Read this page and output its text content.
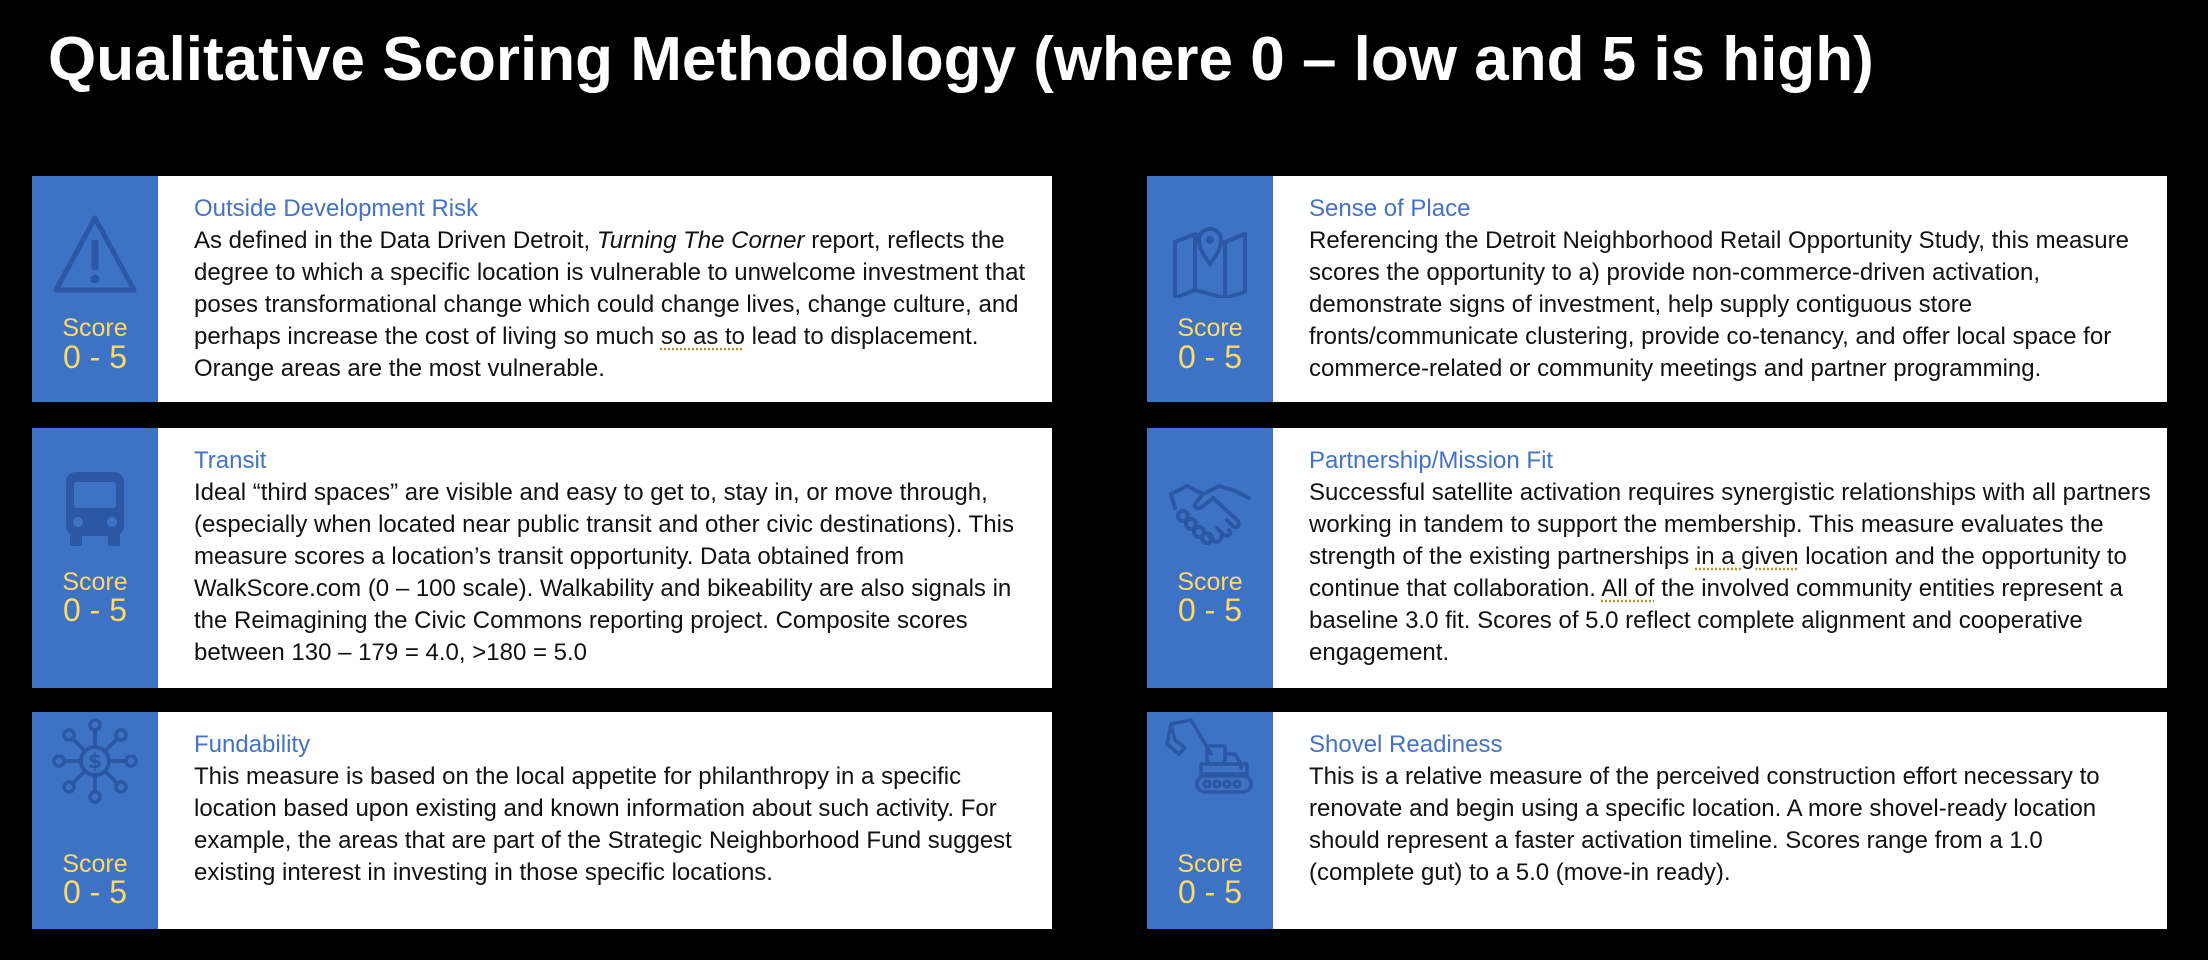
Qualitative Scoring Methodology (where 0 – low and 5 is high)
Score
0 - 5
Outside Development Risk
As defined in the Data Driven Detroit, Turning The Corner report, reflects the degree to which a specific location is vulnerable to unwelcome investment that poses transformational change which could change lives, change culture, and perhaps increase the cost of living so much so as to lead to displacement. Orange areas are the most vulnerable.
Score
0 - 5
Transit
Ideal “third spaces” are visible and easy to get to, stay in, or move through, (especially when located near public transit and other civic destinations). This measure scores a location’s transit opportunity. Data obtained from WalkScore.com (0 – 100 scale). Walkability and bikeability are also signals in the Reimagining the Civic Commons reporting project. Composite scores between 130 – 179 = 4.0, >180 = 5.0
$
Score
0 - 5
Fundability
This measure is based on the local appetite for philanthropy in a specific location based upon existing and known information about such activity. For example, the areas that are part of the Strategic Neighborhood Fund suggest existing interest in investing in those specific locations.
Score
0 - 5
Sense of Place
Referencing the Detroit Neighborhood Retail Opportunity Study, this measure scores the opportunity to a) provide non-commerce-driven activation, demonstrate signs of investment, help supply contiguous store fronts/communicate clustering, provide co-tenancy, and offer local space for commerce-related or community meetings and partner programming.
Score
0 - 5
Partnership/Mission Fit
Successful satellite activation requires synergistic relationships with all partners working in tandem to support the membership. This measure evaluates the strength of the existing partnerships in a given location and the opportunity to continue that collaboration. All of the involved community entities represent a baseline 3.0 fit. Scores of 5.0 reflect complete alignment and cooperative engagement.
Score
0 - 5
Shovel Readiness
This is a relative measure of the perceived construction effort necessary to renovate and begin using a specific location. A more shovel-ready location should represent a faster activation timeline. Scores range from a 1.0 (complete gut) to a 5.0 (move-in ready).
